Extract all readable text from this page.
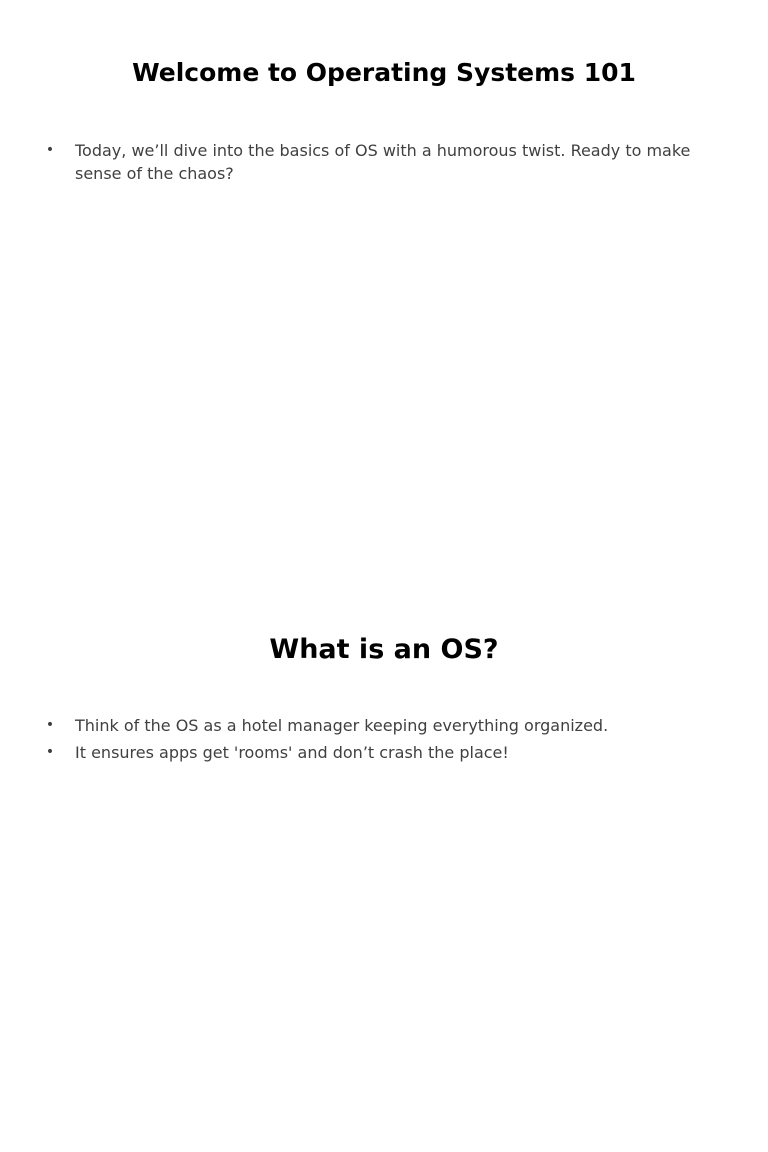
Welcome to Operating Systems 101
• Today, we’ll dive into the basics of OS with a humorous twist. Ready to make sense of the chaos?
What is an OS?
• Think of the OS as a hotel manager keeping everything organized.
• It ensures apps get 'rooms' and don’t crash the place!
